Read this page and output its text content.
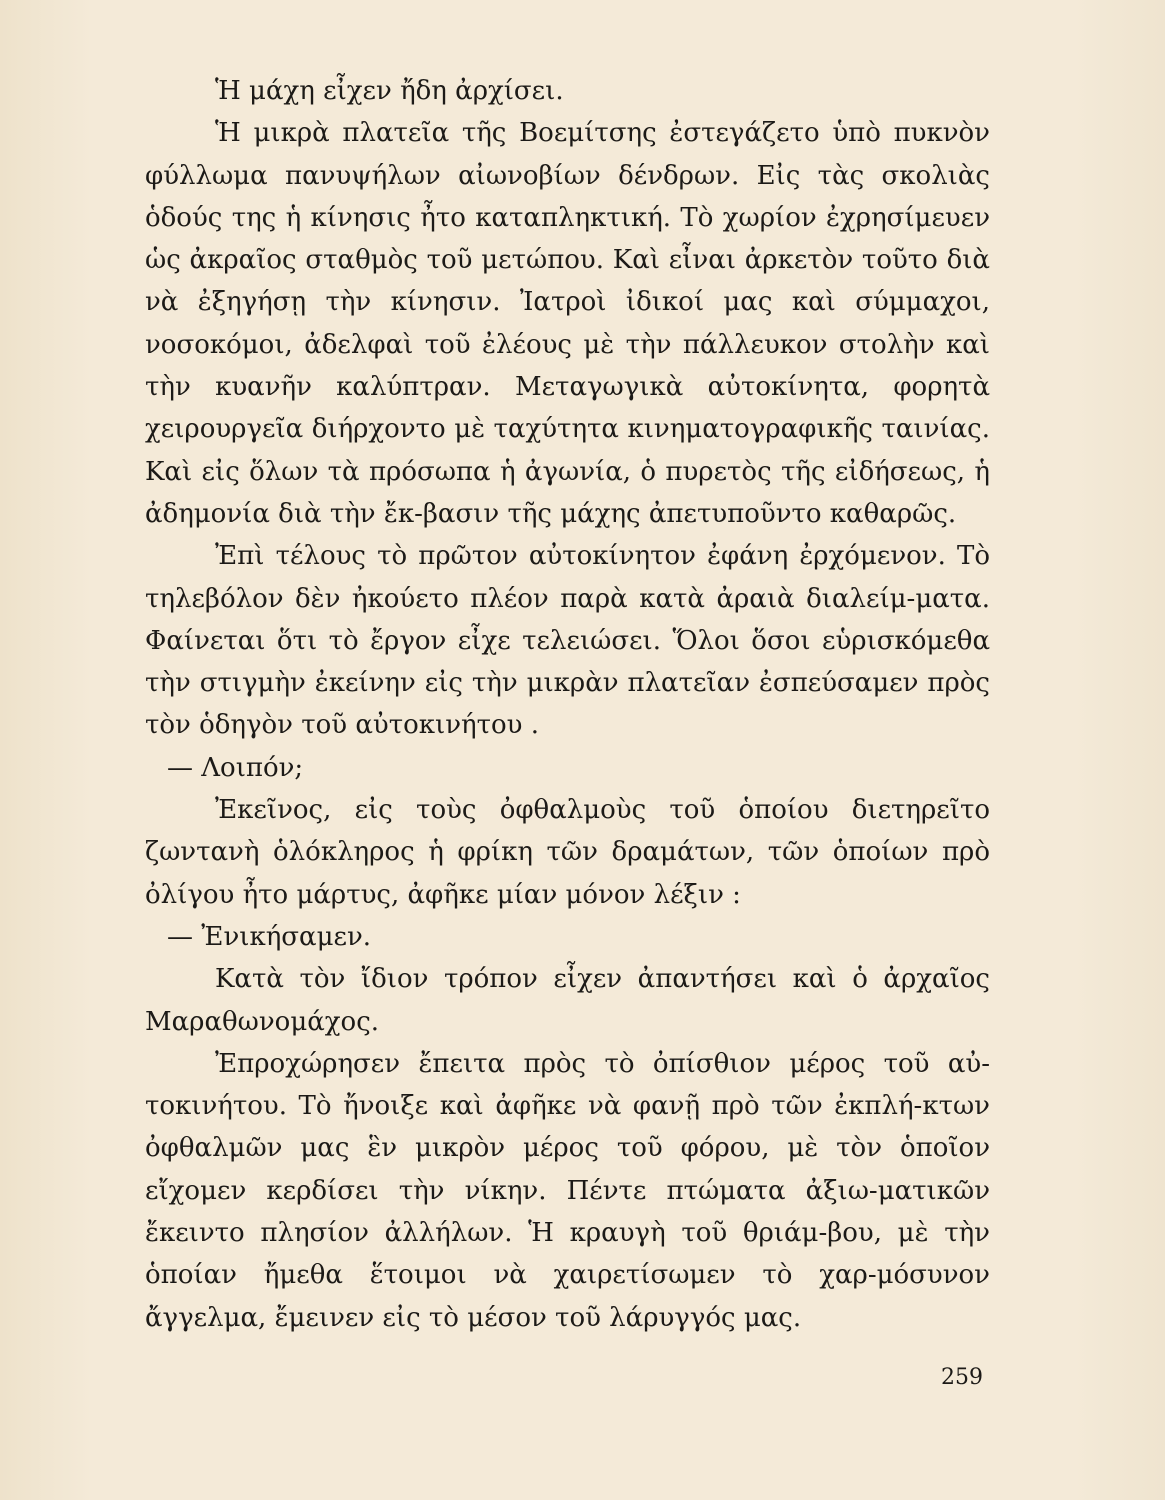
Ἡ μάχη εἶχεν ἤδη ἀρχίσει.

Ἡ μικρὰ πλατεῖα τῆς Βοεμίτσης ἐστεγάζετο ὑπὸ πυκνὸν φύλλωμα πανυψήλων αἰωνοβίων δένδρων. Εἰς τὰς σκολιὰς ὁδούς της ἡ κίνησις ἦτο καταπληκτική. Τὸ χωρίον ἐχρησίμευεν ὡς ἀκραῖος σταθμὸς τοῦ μετώπου. Καὶ εἶναι ἀρκετὸν τοῦτο διὰ νὰ ἐξηγήσῃ τὴν κίνησιν. Ἰατροὶ ἰδικοί μας καὶ σύμμαχοι, νοσοκόμοι, ἀδελφαὶ τοῦ ἐλέους μὲ τὴν πάλλευκον στολὴν καὶ τὴν κυανῆν καλύπτραν. Μεταγωγικὰ αὐτοκίνητα, φορητὰ χειρουργεῖα διήρχοντο μὲ ταχύτητα κινηματογραφικῆς ταινίας. Καὶ εἰς ὅλων τὰ πρόσωπα ἡ ἀγωνία, ὁ πυρετὸς τῆς εἰδήσεως, ἡ ἀδημονία διὰ τὴν ἔκ-βασιν τῆς μάχης ἀπετυποῦντο καθαρῶς.

Ἐπὶ τέλους τὸ πρῶτον αὐτοκίνητον ἐφάνη ἐρχόμενον. Τὸ τηλεβόλον δὲν ἠκούετο πλέον παρὰ κατὰ ἀραιὰ διαλείμ-ματα. Φαίνεται ὅτι τὸ ἔργον εἶχε τελειώσει. Ὅλοι ὅσοι εὑρισκόμεθα τὴν στιγμὴν ἐκείνην εἰς τὴν μικρὰν πλατεῖαν ἐσπεύσαμεν πρὸς τὸν ὁδηγὸν τοῦ αὐτοκινήτου .

— Λοιπόν;

Ἐκεῖνος, εἰς τοὺς ὀφθαλμοὺς τοῦ ὁποίου διετηρεῖτο ζωντανὴ ὁλόκληρος ἡ φρίκη τῶν δραμάτων, τῶν ὁποίων πρὸ ὀλίγου ἦτο μάρτυς, ἀφῆκε μίαν μόνον λέξιν :

— Ἐνικήσαμεν.

Κατὰ τὸν ἴδιον τρόπον εἶχεν ἀπαντήσει καὶ ὁ ἀρχαῖος Μαραθωνομάχος.

Ἐπροχώρησεν ἔπειτα πρὸς τὸ ὀπίσθιον μέρος τοῦ αὐ-τοκινήτου. Τὸ ἤνοιξε καὶ ἀφῆκε νὰ φανῇ πρὸ τῶν ἐκπλή-κτων ὀφθαλμῶν μας ἓν μικρὸν μέρος τοῦ φόρου, μὲ τὸν ὁποῖον εἴχομεν κερδίσει τὴν νίκην. Πέντε πτώματα ἀξιω-ματικῶν ἔκειντο πλησίον ἀλλήλων. Ἡ κραυγὴ τοῦ θριάμ-βου, μὲ τὴν ὁποίαν ἤμεθα ἕτοιμοι νὰ χαιρετίσωμεν τὸ χαρ-μόσυνον ἄγγελμα, ἔμεινεν εἰς τὸ μέσον τοῦ λάρυγγός μας.

259
